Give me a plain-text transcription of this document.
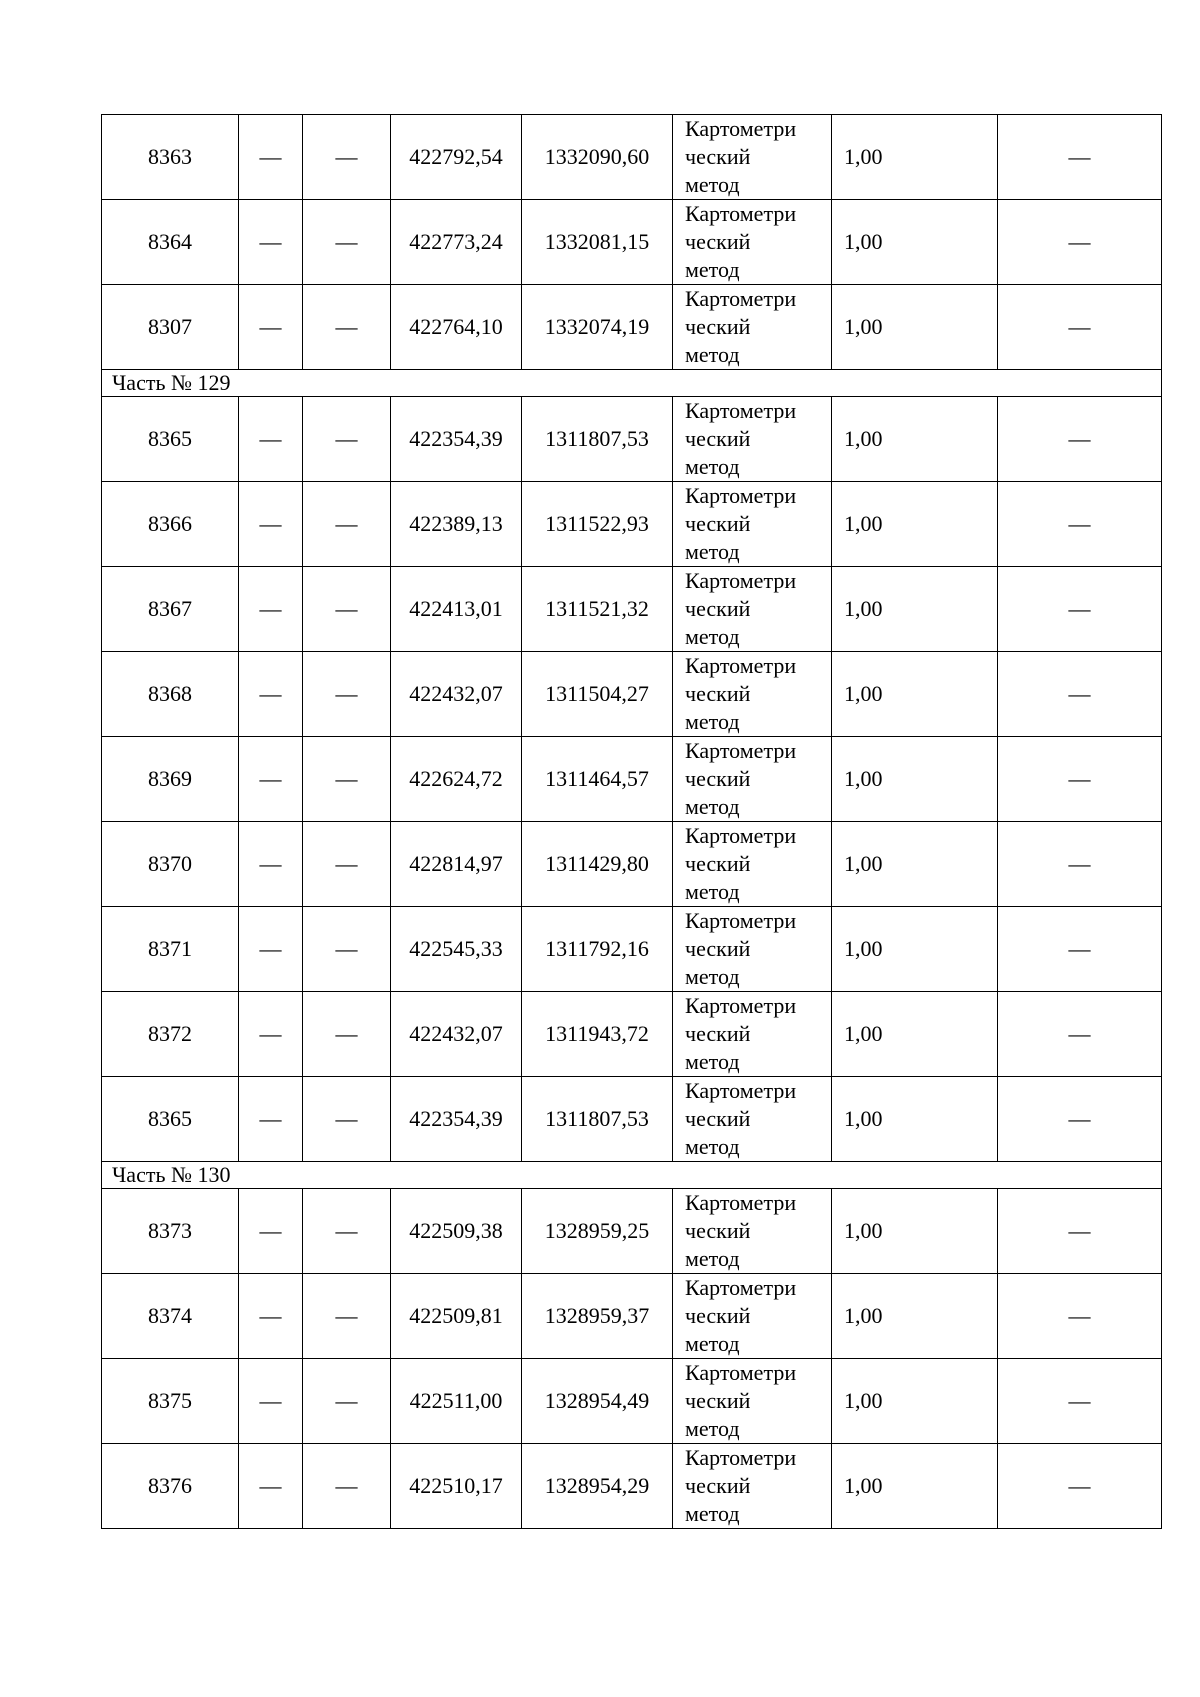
8363	—	—	422792,54	1332090,60	Картометри
ческий
метод	1,00	—
8364	—	—	422773,24	1332081,15	Картометри
ческий
метод	1,00	—
8307	—	—	422764,10	1332074,19	Картометри
ческий
метод	1,00	—
Часть № 129							
8365	—	—	422354,39	1311807,53	Картометри
ческий
метод	1,00	—
8366	—	—	422389,13	1311522,93	Картометри
ческий
метод	1,00	—
8367	—	—	422413,01	1311521,32	Картометри
ческий
метод	1,00	—
8368	—	—	422432,07	1311504,27	Картометри
ческий
метод	1,00	—
8369	—	—	422624,72	1311464,57	Картометри
ческий
метод	1,00	—
8370	—	—	422814,97	1311429,80	Картометри
ческий
метод	1,00	—
8371	—	—	422545,33	1311792,16	Картометри
ческий
метод	1,00	—
8372	—	—	422432,07	1311943,72	Картометри
ческий
метод	1,00	—
8365	—	—	422354,39	1311807,53	Картометри
ческий
метод	1,00	—
Часть № 130							
8373	—	—	422509,38	1328959,25	Картометри
ческий
метод	1,00	—
8374	—	—	422509,81	1328959,37	Картометри
ческий
метод	1,00	—
8375	—	—	422511,00	1328954,49	Картометри
ческий
метод	1,00	—
8376	—	—	422510,17	1328954,29	Картометри
ческий
метод	1,00	—
